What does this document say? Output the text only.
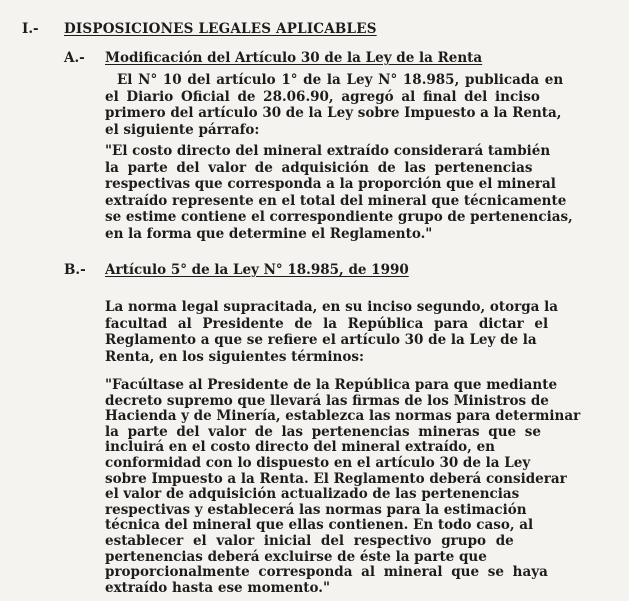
I.- DISPOSICIONES LEGALES APLICABLES
A.- Modificación del Artículo 30 de la Ley de la Renta
El N° 10 del artículo 1° de la Ley N° 18.985, publicada en
el Diario Oficial de 28.06.90, agregó al final del inciso
primero del artículo 30 de la Ley sobre Impuesto a la Renta,
el siguiente párrafo:
"El costo directo del mineral extraído considerará también
la parte del valor de adquisición de las pertenencias
respectivas que corresponda a la proporción que el mineral
extraído represente en el total del mineral que técnicamente
se estime contiene el correspondiente grupo de pertenencias,
en la forma que determine el Reglamento."
B.- Artículo 5° de la Ley N° 18.985, de 1990
La norma legal supracitada, en su inciso segundo, otorga la
facultad al Presidente de la República para dictar el
Reglamento a que se refiere el artículo 30 de la Ley de la
Renta, en los siguientes términos:
"Facúltase al Presidente de la República para que mediante
decreto supremo que llevará las firmas de los Ministros de
Hacienda y de Minería, establezca las normas para determinar
la parte del valor de las pertenencias mineras que se
incluirá en el costo directo del mineral extraído, en
conformidad con lo dispuesto en el artículo 30 de la Ley
sobre Impuesto a la Renta. El Reglamento deberá considerar
el valor de adquisición actualizado de las pertenencias
respectivas y establecerá las normas para la estimación
técnica del mineral que ellas contienen. En todo caso, al
establecer el valor inicial del respectivo grupo de
pertenencias deberá excluirse de éste la parte que
proporcionalmente corresponda al mineral que se haya
extraído hasta ese momento."
